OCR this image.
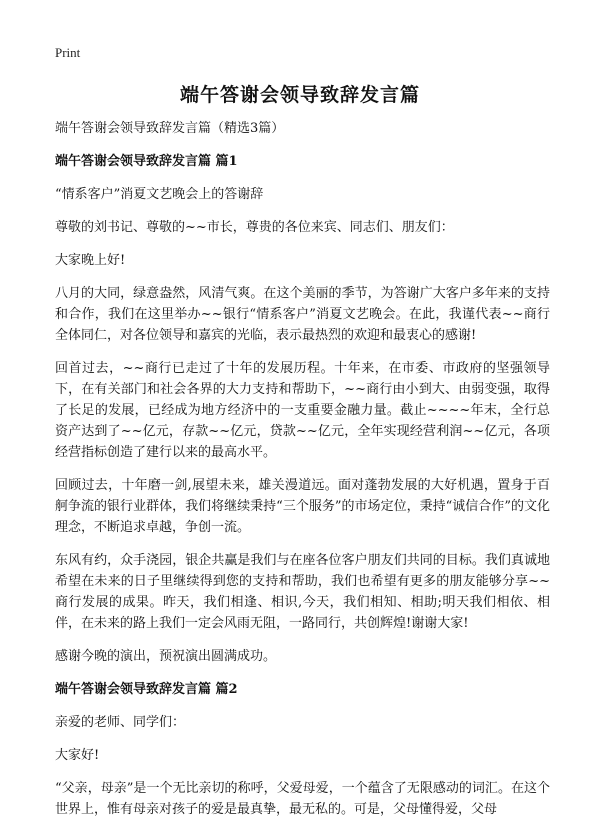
Print
端午答谢会领导致辞发言篇

端午答谢会领导致辞发言篇（精选3篇）

端午答谢会领导致辞发言篇 篇1

“情系客户”消夏文艺晚会上的答谢辞

尊敬的刘书记、尊敬的~~市长，尊贵的各位来宾、同志们、朋友们：

大家晚上好!

八月的大同，绿意盎然，风清气爽。在这个美丽的季节，为答谢广大客户多年来的支持和合作，我们在这里举办~~银行“情系客户”消夏文艺晚会。在此，我谨代表~~商行全体同仁，对各位领导和嘉宾的光临，表示最热烈的欢迎和最衷心的感谢!

回首过去，~~商行已走过了十年的发展历程。十年来，在市委、市政府的坚强领导下，在有关部门和社会各界的大力支持和帮助下，~~商行由小到大、由弱变强，取得了长足的发展，已经成为地方经济中的一支重要金融力量。截止~~~~年末，全行总资产达到了~~亿元，存款~~亿元，贷款~~亿元，全年实现经营利润~~亿元，各项经营指标创造了建行以来的最高水平。

回顾过去，十年磨一剑,展望未来，雄关漫道远。面对蓬勃发展的大好机遇，置身于百舸争流的银行业群体，我们将继续秉持“三个服务”的市场定位，秉持“诚信合作”的文化理念，不断追求卓越，争创一流。

东风有约，众手浇园，银企共赢是我们与在座各位客户朋友们共同的目标。我们真诚地希望在未来的日子里继续得到您的支持和帮助，我们也希望有更多的朋友能够分享~~商行发展的成果。昨天，我们相逢、相识,今天，我们相知、相助;明天我们相依、相伴，在未来的路上我们一定会风雨无阻，一路同行，共创辉煌!谢谢大家!

感谢今晚的演出，预祝演出圆满成功。

端午答谢会领导致辞发言篇 篇2

亲爱的老师、同学们：

大家好!

“父亲，母亲”是一个无比亲切的称呼，父爱母爱，一个蕴含了无限感动的词汇。在这个世界上，惟有母亲对孩子的爱是最真挚，最无私的。可是，父母懂得爱，父母
